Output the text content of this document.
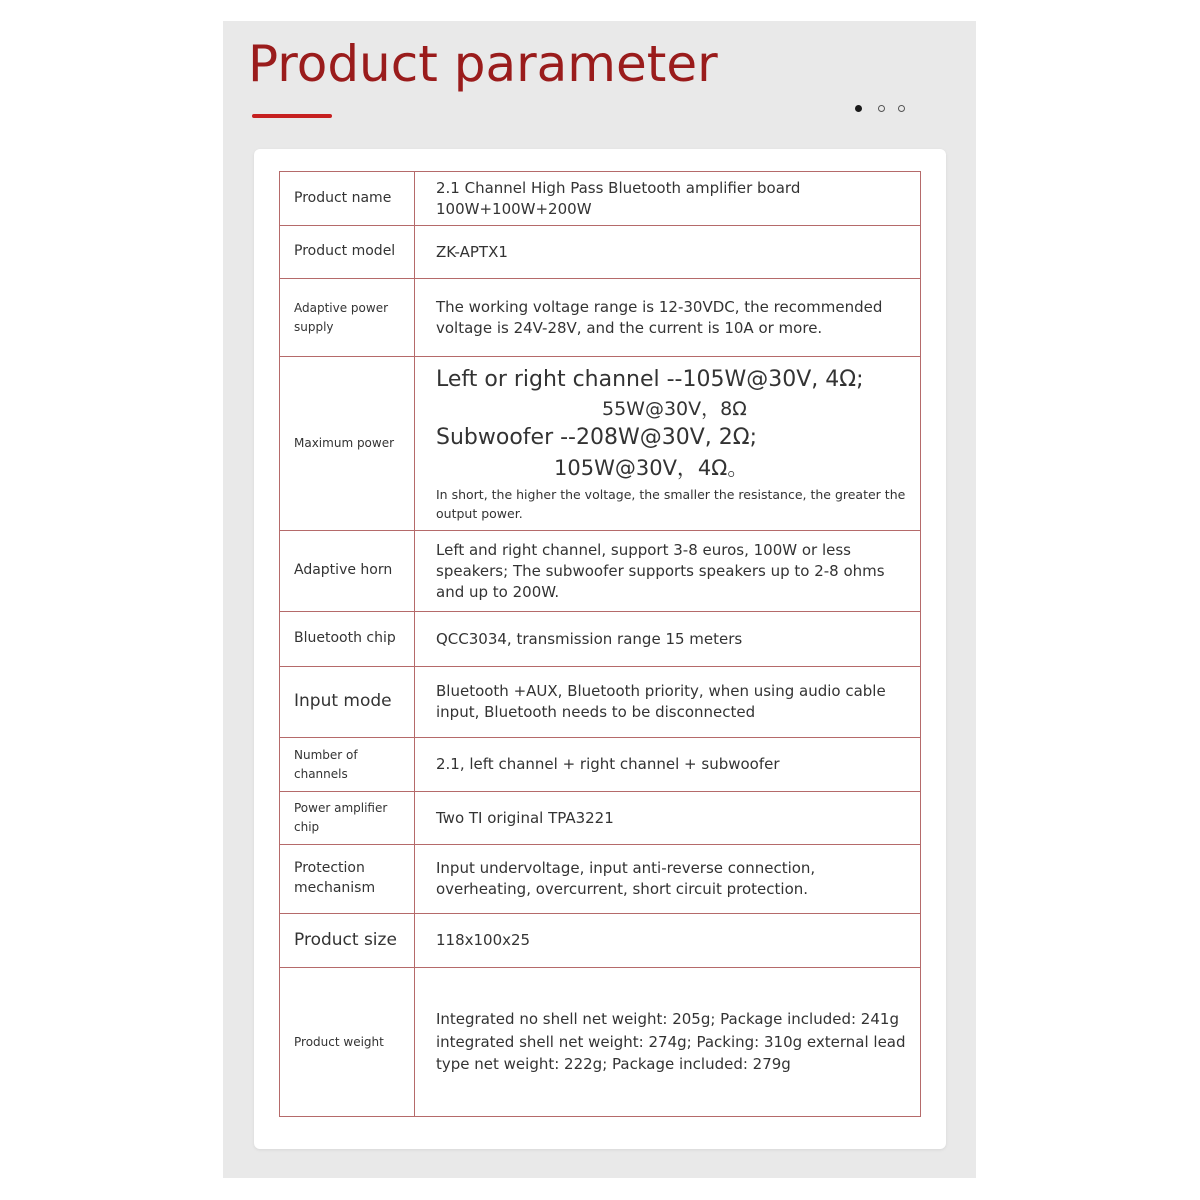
Product parameter
Product name	2.1 Channel High Pass Bluetooth amplifier board 100W+100W+200W
Product model	ZK-APTX1
Adaptive power supply	The working voltage range is 12-30VDC, the recommended voltage is 24V-28V, and the current is 10A or more.
Maximum power	Left or right channel --105W@30V, 4Ω;
55W@30V，8Ω
Subwoofer --208W@30V, 2Ω;
105W@30V，4Ω。
In short, the higher the voltage, the smaller the resistance, the greater the output power.

Adaptive horn	Left and right channel, support 3-8 euros, 100W or less speakers; The subwoofer supports speakers up to 2-8 ohms and up to 200W.
Bluetooth chip	QCC3034, transmission range 15 meters
Input mode	Bluetooth +AUX, Bluetooth priority, when using audio cable input, Bluetooth needs to be disconnected
Number of channels	2.1, left channel + right channel + subwoofer
Power amplifier chip	Two TI original TPA3221
Protection mechanism	Input undervoltage, input anti-reverse connection, overheating, overcurrent, short circuit protection.
Product size	118x100x25
Product weight	Integrated no shell net weight: 205g; Package included: 241g integrated shell net weight: 274g; Packing: 310g external lead type net weight: 222g; Package included: 279g
